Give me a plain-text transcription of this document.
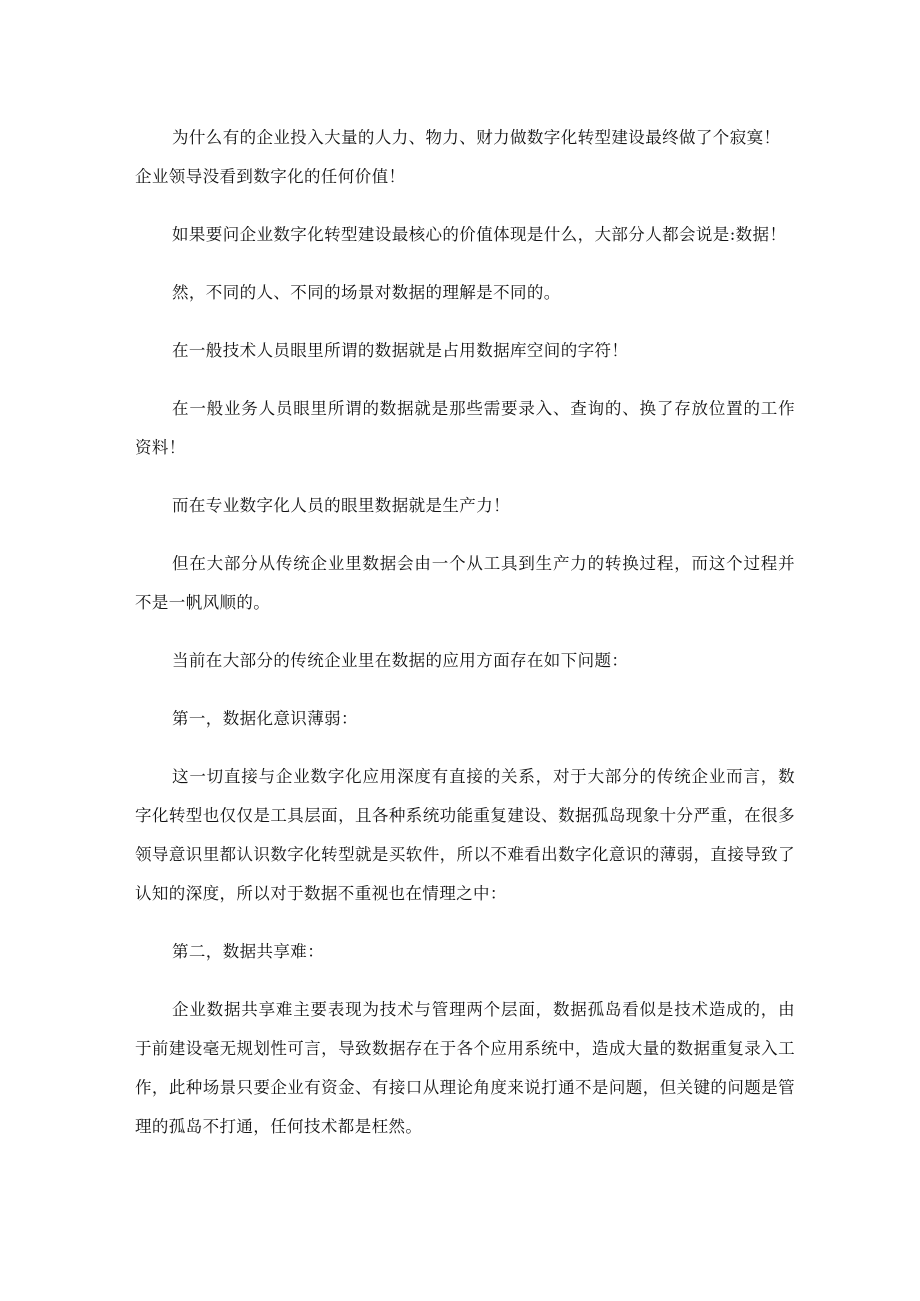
为什么有的企业投入大量的人力、物力、财力做数字化转型建设最终做了个寂寞！

企业领导没看到数字化的任何价值！

如果要问企业数字化转型建设最核心的价值体现是什么，大部分人都会说是:数据！

然，不同的人、不同的场景对数据的理解是不同的。

在一般技术人员眼里所谓的数据就是占用数据库空间的字符！

在一般业务人员眼里所谓的数据就是那些需要录入、查询的、换了存放位置的工作资料！

而在专业数字化人员的眼里数据就是生产力！

但在大部分从传统企业里数据会由一个从工具到生产力的转换过程，而这个过程并不是一帆风顺的。

当前在大部分的传统企业里在数据的应用方面存在如下问题：

第一，数据化意识薄弱：

这一切直接与企业数字化应用深度有直接的关系，对于大部分的传统企业而言，数字化转型也仅仅是工具层面，且各种系统功能重复建设、数据孤岛现象十分严重，在很多领导意识里都认识数字化转型就是买软件，所以不难看出数字化意识的薄弱，直接导致了认知的深度，所以对于数据不重视也在情理之中：

第二，数据共享难：

企业数据共享难主要表现为技术与管理两个层面，数据孤岛看似是技术造成的，由于前建设毫无规划性可言，导致数据存在于各个应用系统中，造成大量的数据重复录入工作，此种场景只要企业有资金、有接口从理论角度来说打通不是问题，但关键的问题是管理的孤岛不打通，任何技术都是枉然。
